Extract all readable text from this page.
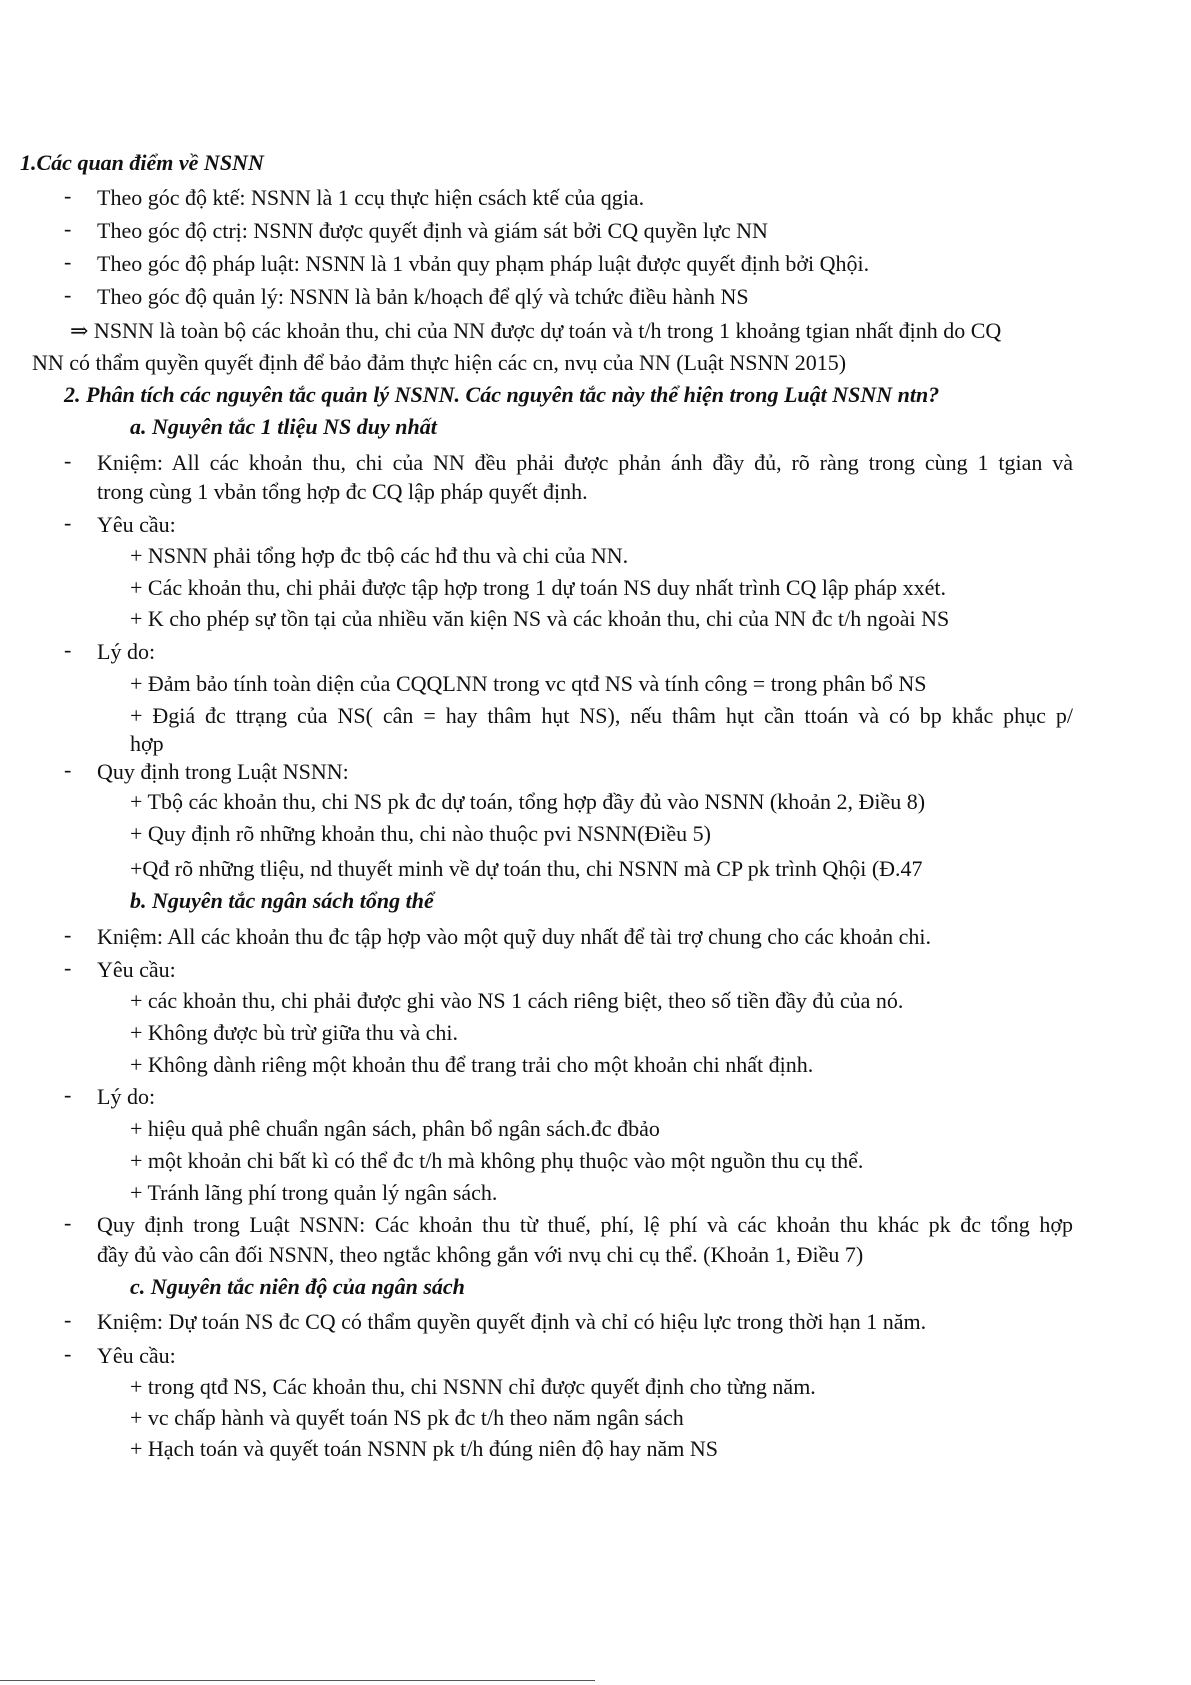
1.Các quan điểm về NSNN
- Theo góc độ ktế: NSNN là 1 ccụ thực hiện csách ktế của qgia.
- Theo góc độ ctrị: NSNN được quyết định và giám sát bởi CQ quyền lực NN
- Theo góc độ pháp luật: NSNN là 1 vbản quy phạm pháp luật được quyết định bởi Qhội.
- Theo góc độ quản lý: NSNN là bản k/hoạch để qlý và tchức điều hành NS
⇒ NSNN là toàn bộ các khoản thu, chi của NN được dự toán và t/h trong 1 khoảng tgian nhất định do CQ
NN có thẩm quyền quyết định để bảo đảm thực hiện các cn, nvụ của NN (Luật NSNN 2015)
2. Phân tích các nguyên tắc quản lý NSNN. Các nguyên tắc này thể hiện trong Luật NSNN ntn?
a. Nguyên tắc 1 tliệu NS duy nhất
- Kniệm: All các khoản thu, chi của NN đều phải được phản ánh đầy đủ, rõ ràng trong cùng 1 tgian và
trong cùng 1 vbản tổng hợp đc CQ lập pháp quyết định.
- Yêu cầu:
+ NSNN phải tổng hợp đc tbộ các hđ thu và chi của NN.
+ Các khoản thu, chi phải được tập hợp trong 1 dự toán NS duy nhất trình CQ lập pháp xxét.
+ K cho phép sự tồn tại của nhiều văn kiện NS và các khoản thu, chi của NN đc t/h ngoài NS
- Lý do:
+ Đảm bảo tính toàn diện của CQQLNN trong vc qtđ NS và tính công = trong phân bổ NS
+ Đgiá đc ttrạng của NS( cân = hay thâm hụt NS), nếu thâm hụt cần ttoán và có bp khắc phục p/
hợp
- Quy định trong Luật NSNN:
+ Tbộ các khoản thu, chi NS pk đc dự toán, tổng hợp đầy đủ vào NSNN (khoản 2, Điều 8)
+ Quy định rõ những khoản thu, chi nào thuộc pvi NSNN(Điều 5)
+Qđ rõ những tliệu, nd thuyết minh về dự toán thu, chi NSNN mà CP pk trình Qhội (Đ.47
b. Nguyên tắc ngân sách tổng thể
- Kniệm: All các khoản thu đc tập hợp vào một quỹ duy nhất để tài trợ chung cho các khoản chi.
- Yêu cầu:
+ các khoản thu, chi phải được ghi vào NS 1 cách riêng biệt, theo số tiền đầy đủ của nó.
+ Không được bù trừ giữa thu và chi.
+ Không dành riêng một khoản thu để trang trải cho một khoản chi nhất định.
- Lý do:
+ hiệu quả phê chuẩn ngân sách, phân bổ ngân sách.đc đbảo
+ một khoản chi bất kì có thể đc t/h mà không phụ thuộc vào một nguồn thu cụ thể.
+ Tránh lãng phí trong quản lý ngân sách.
- Quy định trong Luật NSNN: Các khoản thu từ thuế, phí, lệ phí và các khoản thu khác pk đc tổng hợp
đầy đủ vào cân đối NSNN, theo ngtắc không gắn với nvụ chi cụ thể. (Khoản 1, Điều 7)
c. Nguyên tắc niên độ của ngân sách
- Kniệm: Dự toán NS đc CQ có thẩm quyền quyết định và chỉ có hiệu lực trong thời hạn 1 năm.
- Yêu cầu:
+ trong qtđ NS, Các khoản thu, chi NSNN chỉ được quyết định cho từng năm.
+ vc chấp hành và quyết toán NS pk đc t/h theo năm ngân sách
+ Hạch toán và quyết toán NSNN pk t/h đúng niên độ hay năm NS
